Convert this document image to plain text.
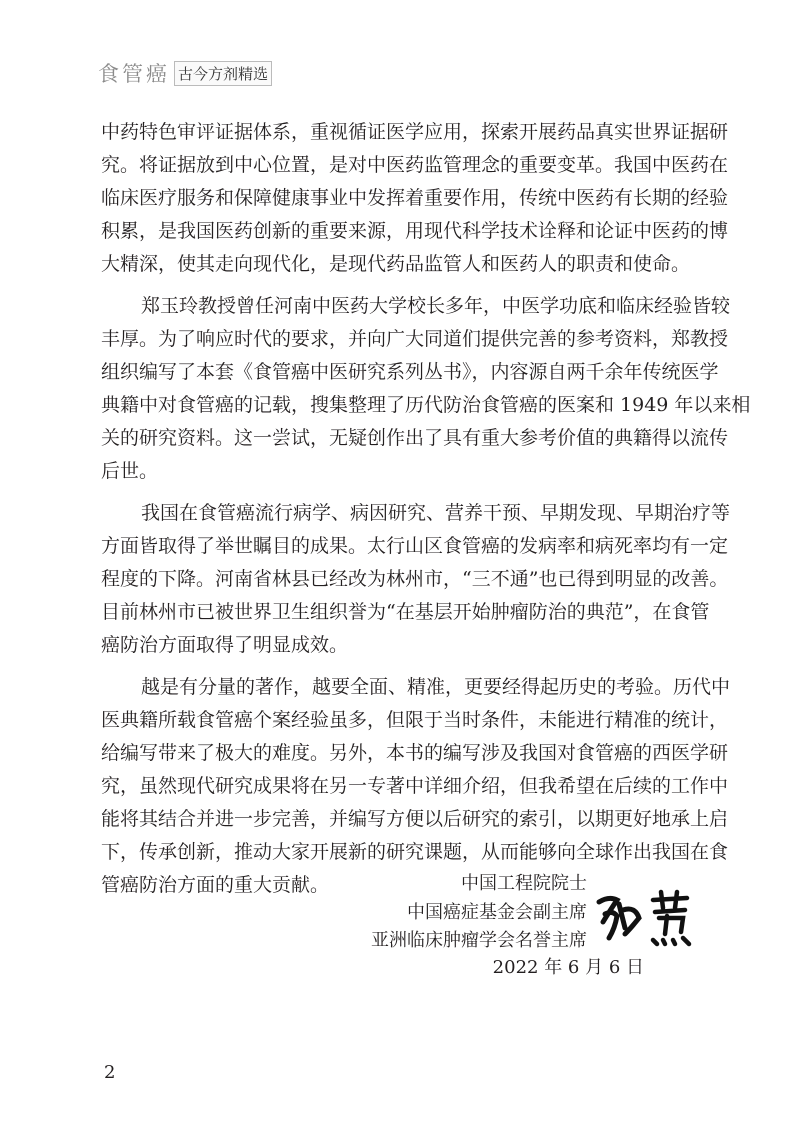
食管癌 古今方剂精选
中药特色审评证据体系，重视循证医学应用，探索开展药品真实世界证据研
究。将证据放到中心位置，是对中医药监管理念的重要变革。我国中医药在
临床医疗服务和保障健康事业中发挥着重要作用，传统中医药有长期的经验
积累，是我国医药创新的重要来源，用现代科学技术诠释和论证中医药的博
大精深，使其走向现代化，是现代药品监管人和医药人的职责和使命。
郑玉玲教授曾任河南中医药大学校长多年，中医学功底和临床经验皆较
丰厚。为了响应时代的要求，并向广大同道们提供完善的参考资料，郑教授
组织编写了本套《食管癌中医研究系列丛书》，内容源自两千余年传统医学
典籍中对食管癌的记载，搜集整理了历代防治食管癌的医案和 1949 年以来相
关的研究资料。这一尝试，无疑创作出了具有重大参考价值的典籍得以流传
后世。
我国在食管癌流行病学、病因研究、营养干预、早期发现、早期治疗等
方面皆取得了举世瞩目的成果。太行山区食管癌的发病率和病死率均有一定
程度的下降。河南省林县已经改为林州市，“三不通”也已得到明显的改善。
目前林州市已被世界卫生组织誉为“在基层开始肿瘤防治的典范”，在食管
癌防治方面取得了明显成效。
越是有分量的著作，越要全面、精准，更要经得起历史的考验。历代中
医典籍所载食管癌个案经验虽多，但限于当时条件，未能进行精准的统计，
给编写带来了极大的难度。另外，本书的编写涉及我国对食管癌的西医学研
究，虽然现代研究成果将在另一专著中详细介绍，但我希望在后续的工作中
能将其结合并进一步完善，并编写方便以后研究的索引，以期更好地承上启
下，传承创新，推动大家开展新的研究课题，从而能够向全球作出我国在食
管癌防治方面的重大贡献。	中国工程院院士
中国癌症基金会副主席
亚洲临床肿瘤学会名誉主席
2022 年 6 月 6 日
2
